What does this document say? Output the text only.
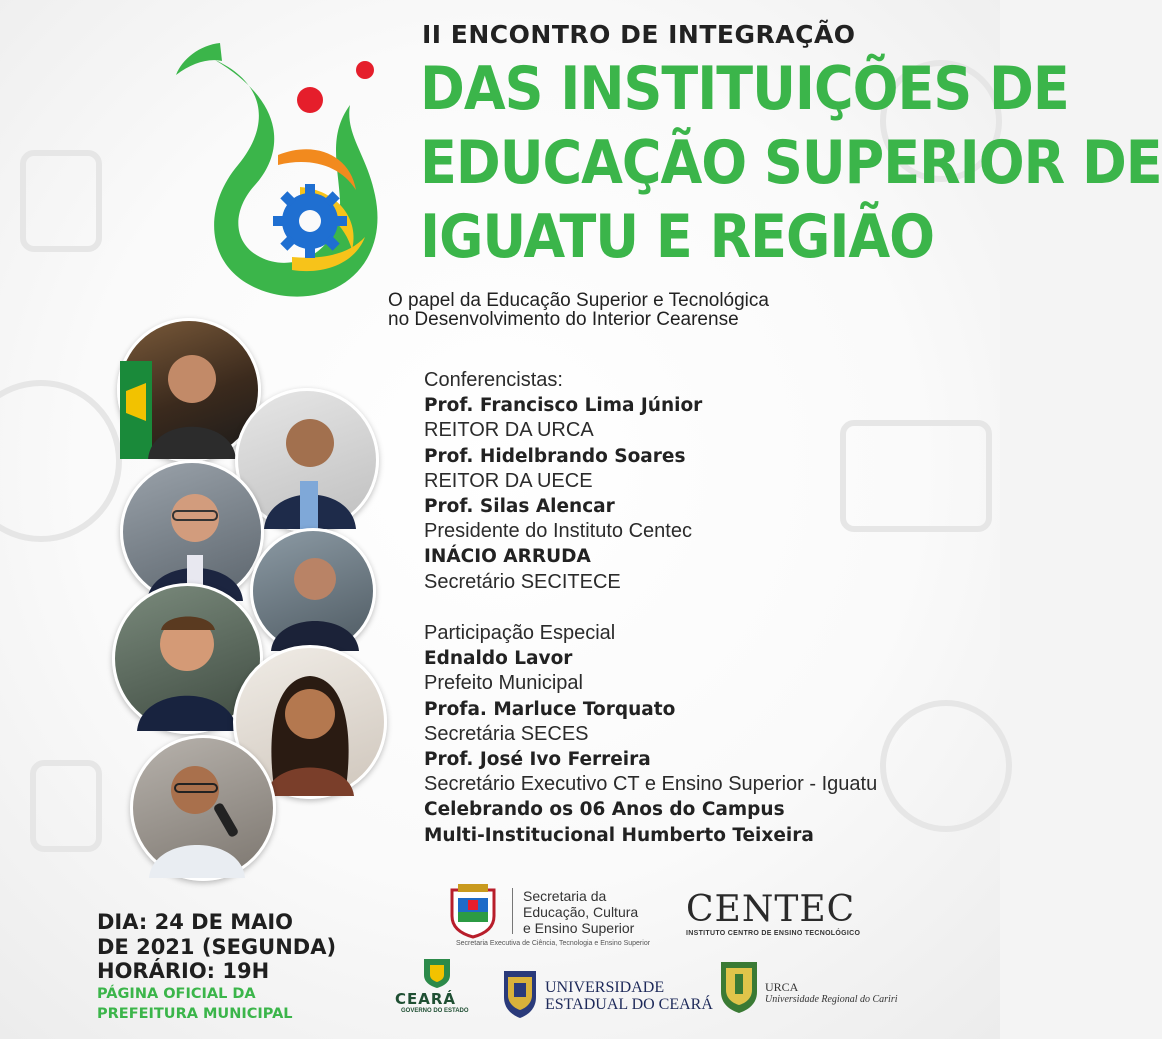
II ENCONTRO DE INTEGRAÇÃO
DAS INSTITUIÇÕES DE
EDUCAÇÃO SUPERIOR DE
IGUATU E REGIÃO
O papel da Educação Superior e Tecnológica
no Desenvolvimento do Interior Cearense
Conferencistas:
Prof. Francisco Lima Júnior
REITOR DA URCA
Prof. Hidelbrando Soares
REITOR DA UECE
Prof. Silas Alencar
Presidente do Instituto Centec
INÁCIO ARRUDA
Secretário SECITECE
Participação Especial
Ednaldo Lavor
Prefeito Municipal
Profa. Marluce Torquato
Secretária SECES
Prof. José Ivo Ferreira
Secretário Executivo CT e Ensino Superior - Iguatu
Celebrando os 06 Anos do Campus
Multi-Institucional Humberto Teixeira
DIA: 24 DE MAIO
DE 2021 (SEGUNDA)
HORÁRIO: 19H
PÁGINA OFICIAL DA
PREFEITURA MUNICIPAL
Secretaria da
Educação, Cultura
e Ensino Superior
Secretaria Executiva de Ciência, Tecnologia e Ensino Superior
CENTEC
INSTITUTO CENTRO DE ENSINO TECNOLÓGICO
CEARÁ
GOVERNO DO ESTADO
UNIVERSIDADE
ESTADUAL DO CEARÁ
URCA
Universidade Regional do Cariri
